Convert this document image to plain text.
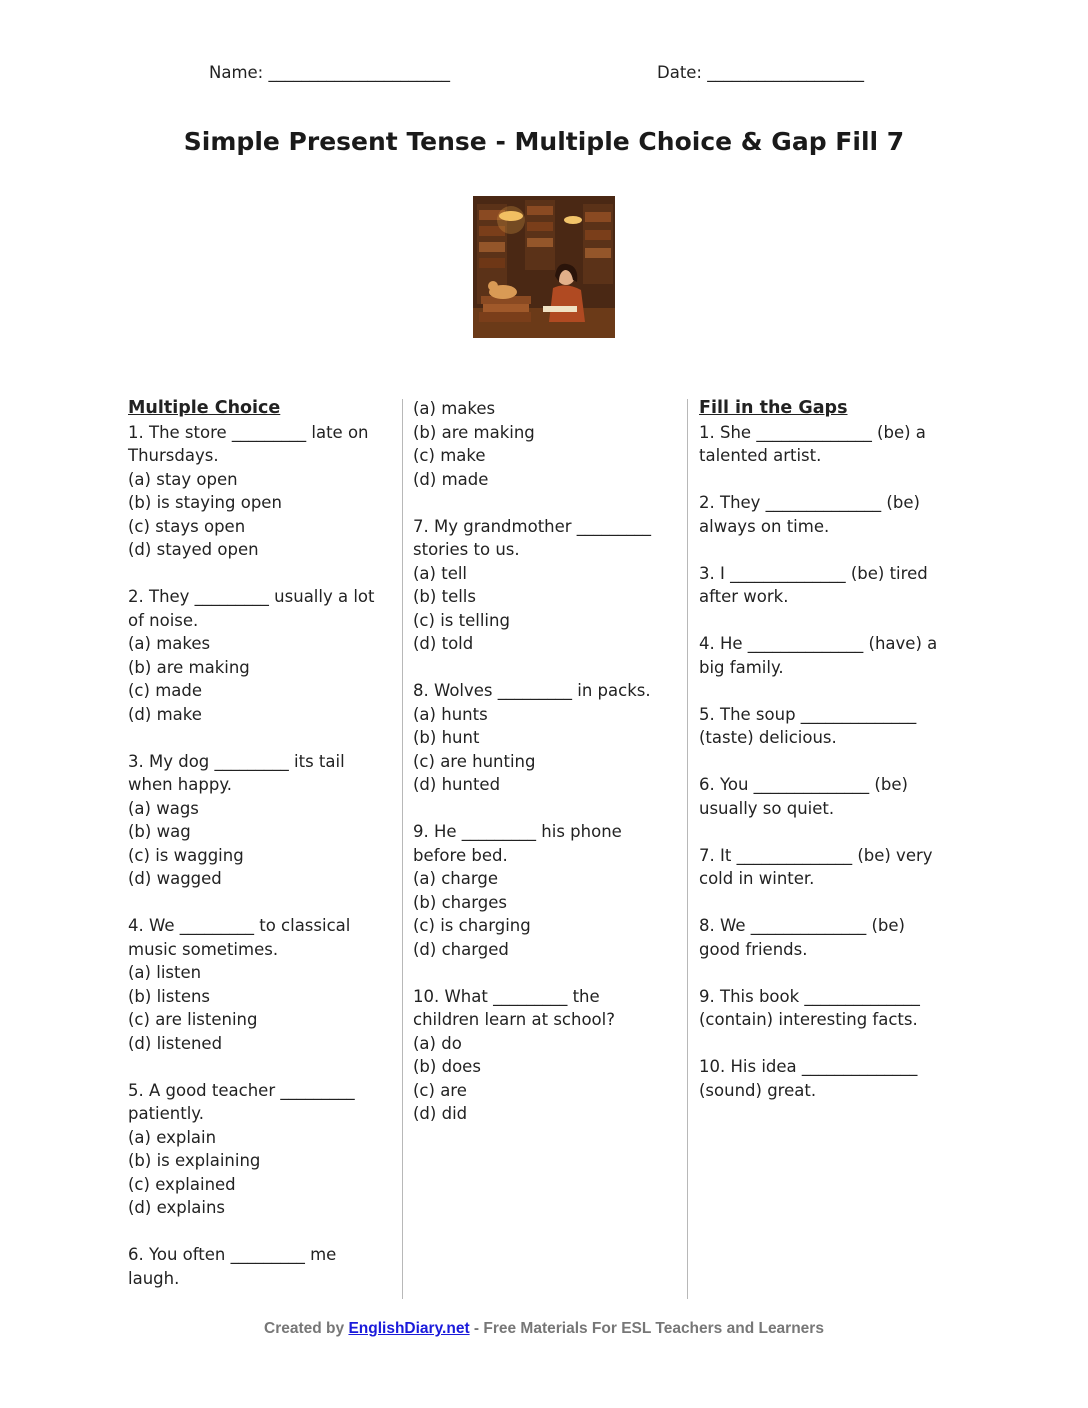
Name: ______________________	Date: ___________________
Simple Present Tense - Multiple Choice & Gap Fill 7
Multiple Choice
1. The store _________ late on
Thursdays.
(a) stay open
(b) is staying open
(c) stays open
(d) stayed open
2. They _________ usually a lot
of noise.
(a) makes
(b) are making
(c) made
(d) make
3. My dog _________ its tail
when happy.
(a) wags
(b) wag
(c) is wagging
(d) wagged
4. We _________ to classical
music sometimes.
(a) listen
(b) listens
(c) are listening
(d) listened
5. A good teacher _________
patiently.
(a) explain
(b) is explaining
(c) explained
(d) explains
6. You often _________ me
laugh.
(a) makes
(b) are making
(c) make
(d) made
7. My grandmother _________
stories to us.
(a) tell
(b) tells
(c) is telling
(d) told
8. Wolves _________ in packs.
(a) hunts
(b) hunt
(c) are hunting
(d) hunted
9. He _________ his phone
before bed.
(a) charge
(b) charges
(c) is charging
(d) charged
10. What _________ the
children learn at school?
(a) do
(b) does
(c) are
(d) did
Fill in the Gaps
1. She ______________ (be) a
talented artist.
2. They ______________ (be)
always on time.
3. I ______________ (be) tired
after work.
4. He ______________ (have) a
big family.
5. The soup ______________
(taste) delicious.
6. You ______________ (be)
usually so quiet.
7. It ______________ (be) very
cold in winter.
8. We ______________ (be)
good friends.
9. This book ______________
(contain) interesting facts.
10. His idea ______________
(sound) great.
Created by EnglishDiary.net - Free Materials For ESL Teachers and Learners
